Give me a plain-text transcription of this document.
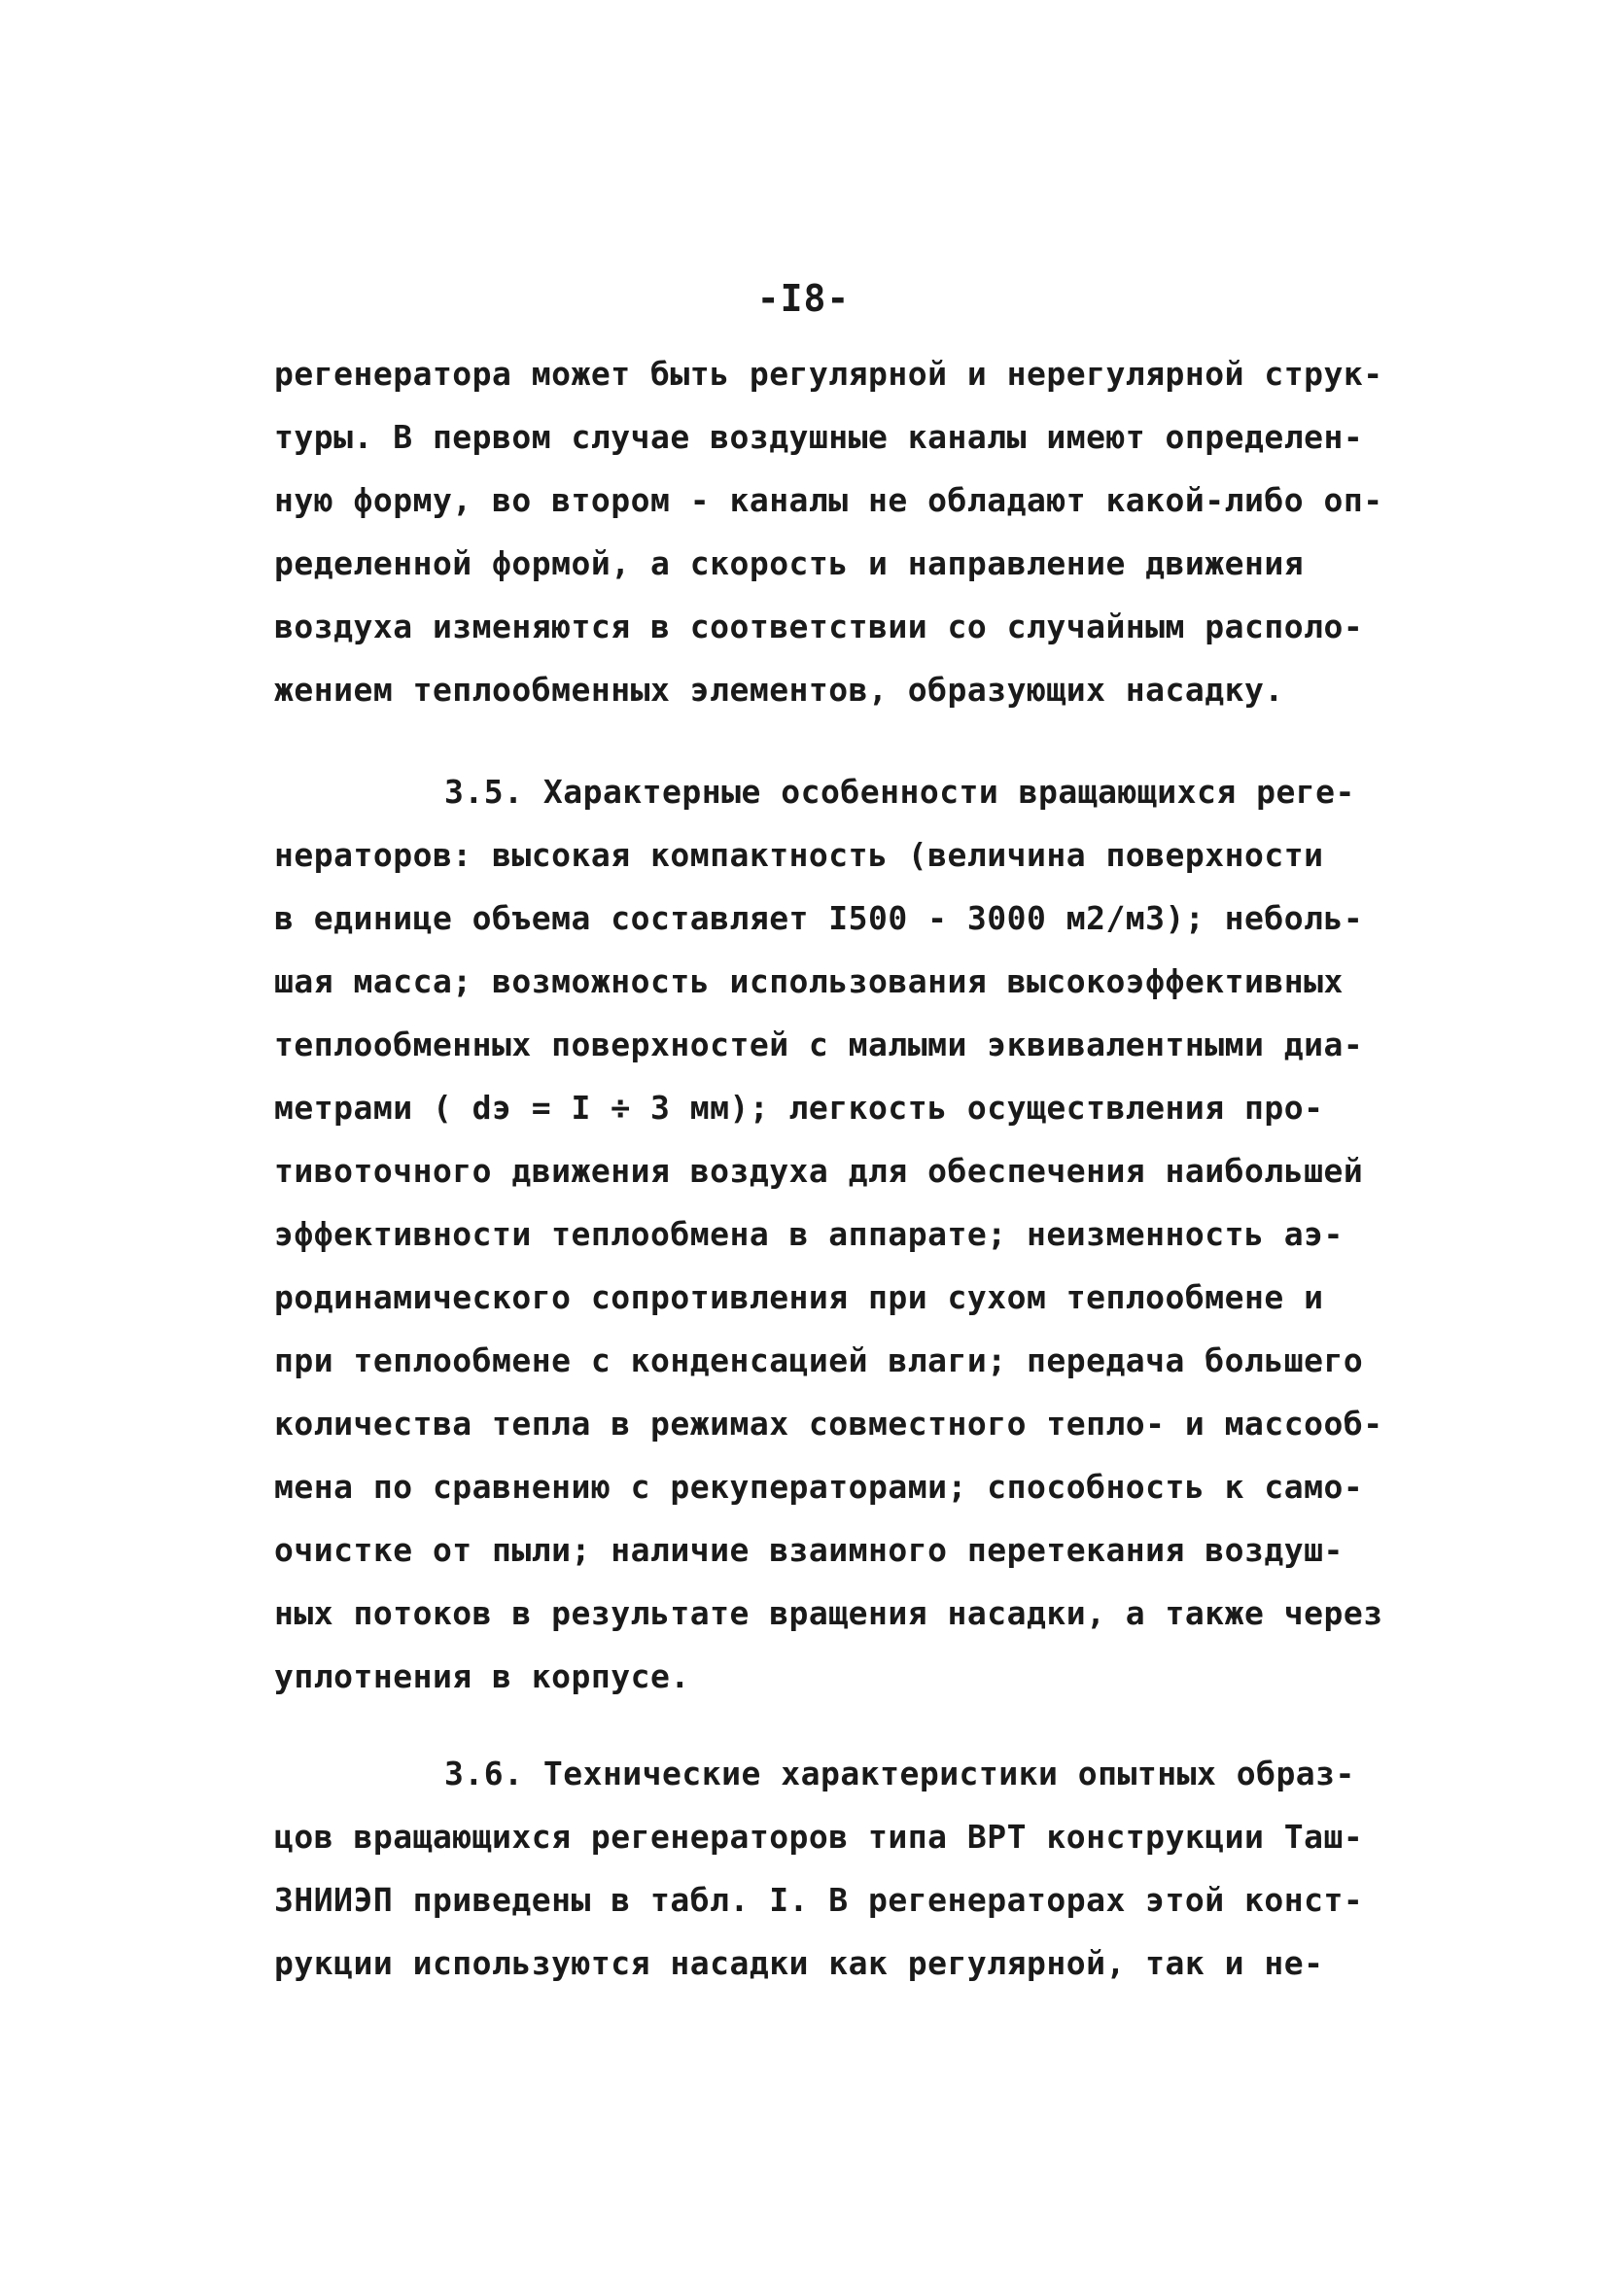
-I8-
регенератора может быть регулярной и нерегулярной струк-
туры. В первом случае воздушные каналы имеют определен-
ную форму, во втором - каналы не обладают какой-либо оп-
ределенной формой, а скорость и направление движения
воздуха изменяются в соответствии со случайным располо-
жением теплообменных элементов, образующих насадку.
3.5. Характерные особенности вращающихся реге-
нераторов: высокая компактность (величина поверхности
в единице объема составляет I500 - 3000 м2/м3); неболь-
шая масса; возможность использования высокоэффективных
теплообменных поверхностей с малыми эквивалентными диа-
метрами ( dэ = I ÷ 3 мм); легкость осуществления про-
тивоточного движения воздуха для обеспечения наибольшей
эффективности теплообмена в аппарате; неизменность аэ-
родинамического сопротивления при сухом теплообмене и
при теплообмене с конденсацией влаги; передача большего
количества тепла в режимах совместного тепло- и массооб-
мена по сравнению с рекуператорами; способность к само-
очистке от пыли; наличие взаимного перетекания воздуш-
ных потоков в результате вращения насадки, а также через
уплотнения в корпусе.
3.6. Технические характеристики опытных образ-
цов вращающихся регенераторов типа ВРТ конструкции Таш-
ЗНИИЭП приведены в табл. I. В регенераторах этой конст-
рукции используются насадки как регулярной, так и не-
